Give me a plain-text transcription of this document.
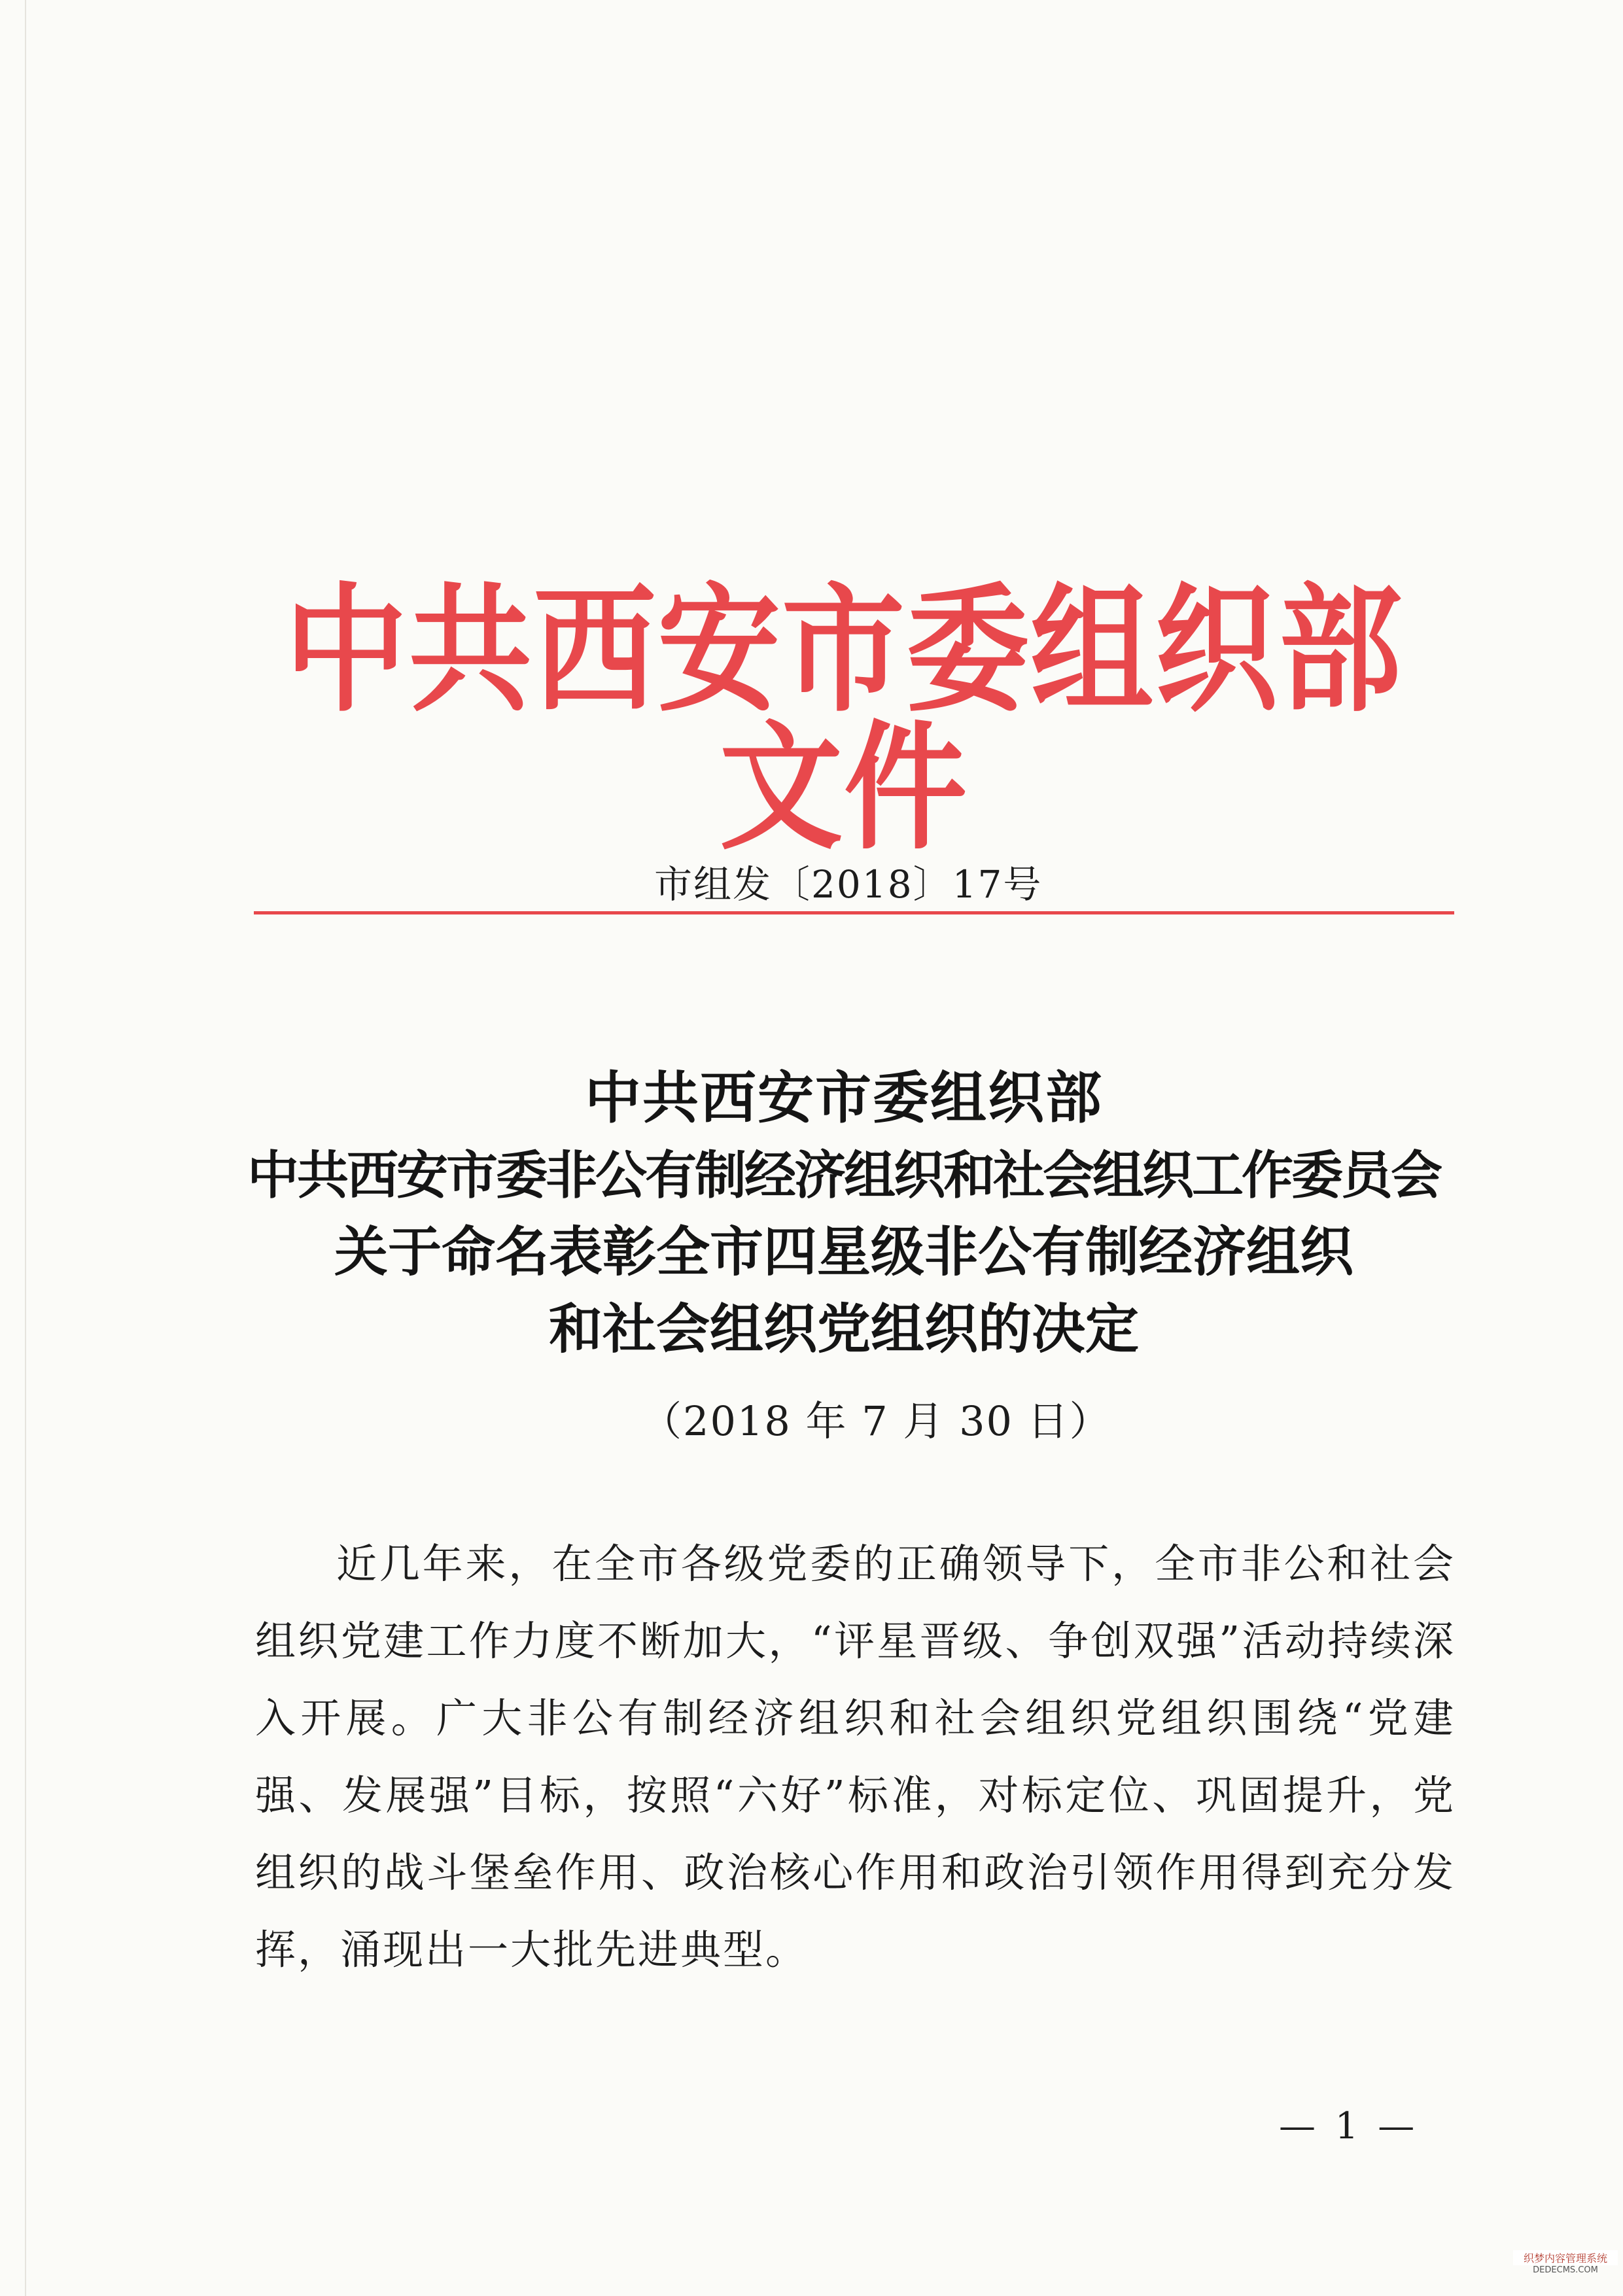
中共西安市委组织部文件
市组发〔2018〕17号
中共西安市委组织部
中共西安市委非公有制经济组织和社会组织工作委员会
关于命名表彰全市四星级非公有制经济组织
和社会组织党组织的决定
（2018 年 7 月 30 日）

近几年来，在全市各级党委的正确领导下，全市非公和社会组织党建工作力度不断加大，“评星晋级、争创双强”活动持续深入开展。广大非公有制经济组织和社会组织党组织围绕“党建强、发展强”目标，按照“六好”标准，对标定位、巩固提升，党组织的战斗堡垒作用、政治核心作用和政治引领作用得到充分发挥，涌现出一大批先进典型。

— 1 —
织梦内容管理系统
DEDECMS.COM
